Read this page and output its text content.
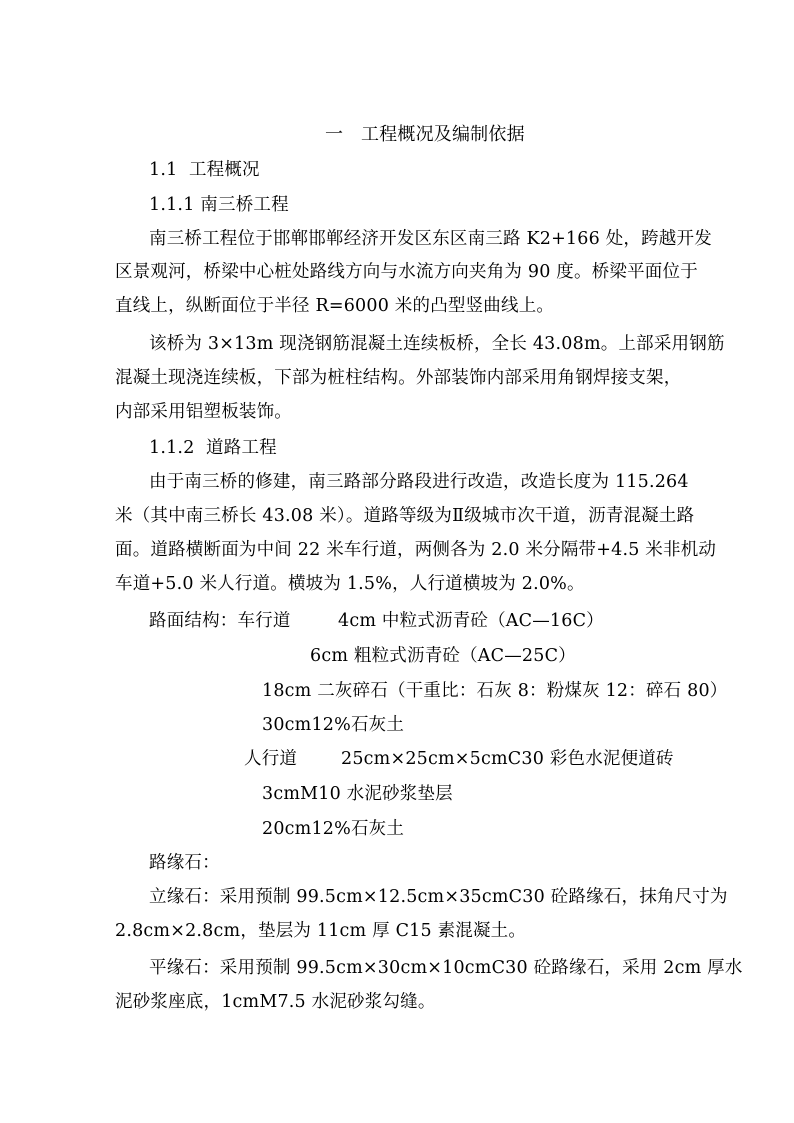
一   工程概况及编制依据
1.1  工程概况
1.1.1 南三桥工程
南三桥工程位于邯郸邯郸经济开发区东区南三路 K2+166 处，跨越开发
区景观河，桥梁中心桩处路线方向与水流方向夹角为 90 度。桥梁平面位于
直线上，纵断面位于半径 R=6000 米的凸型竖曲线上。
该桥为 3×13m 现浇钢筋混凝土连续板桥，全长 43.08m。上部采用钢筋
混凝土现浇连续板，下部为桩柱结构。外部装饰内部采用角钢焊接支架，
内部采用铝塑板装饰。
1.1.2  道路工程
由于南三桥的修建，南三路部分路段进行改造，改造长度为 115.264
米（其中南三桥长 43.08 米）。道路等级为Ⅱ级城市次干道，沥青混凝土路
面。道路横断面为中间 22 米车行道，两侧各为 2.0 米分隔带+4.5 米非机动
车道+5.0 米人行道。横坡为 1.5%，人行道横坡为 2.0%。
路面结构：车行道	4cm 中粒式沥青砼（AC—16C）
6cm 粗粒式沥青砼（AC—25C）
18cm 二灰碎石（干重比：石灰 8：粉煤灰 12：碎石 80）
30cm12%石灰土
人行道	25cm×25cm×5cmC30 彩色水泥便道砖
3cmM10 水泥砂浆垫层
20cm12%石灰土
路缘石：
立缘石：采用预制 99.5cm×12.5cm×35cmC30 砼路缘石，抹角尺寸为
2.8cm×2.8cm，垫层为 11cm 厚 C15 素混凝土。
平缘石：采用预制 99.5cm×30cm×10cmC30 砼路缘石，采用 2cm 厚水
泥砂浆座底，1cmM7.5 水泥砂浆勾缝。
